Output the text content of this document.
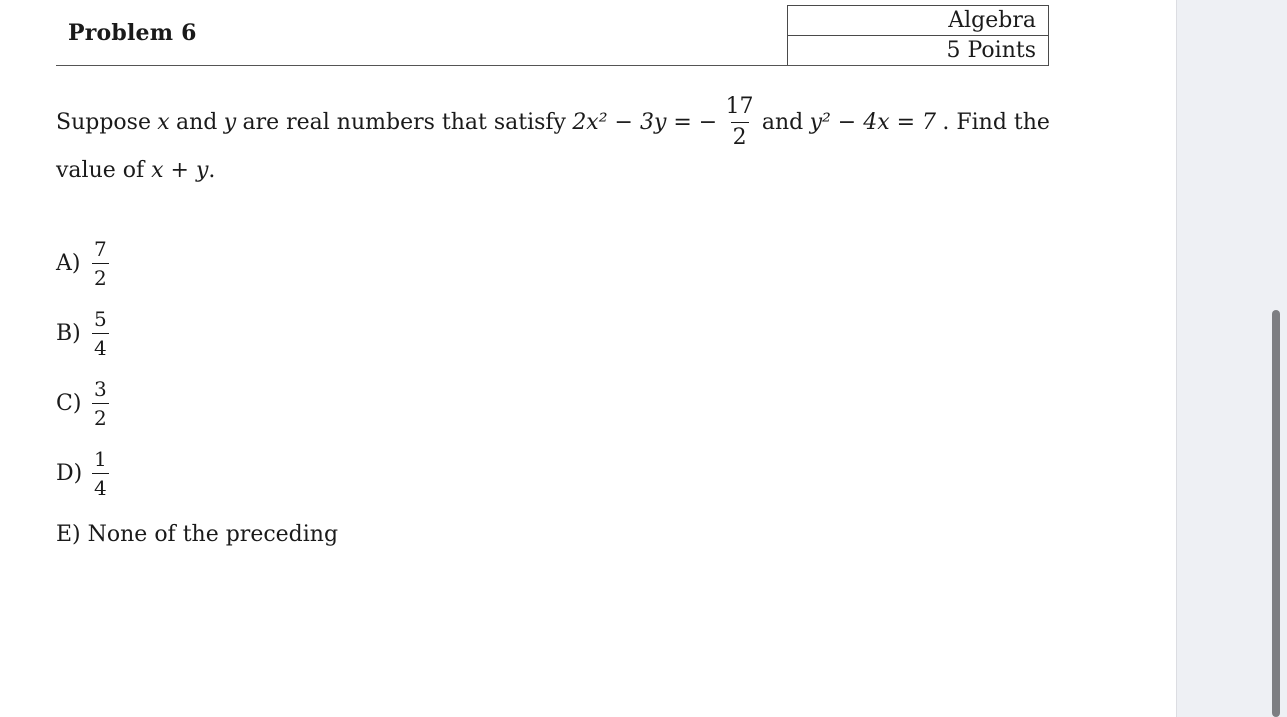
Problem 6	Algebra
5 Points
Suppose x and y are real numbers that satisfy 2x² − 3y = − $\frac{17}{2}$ and y² − 4x = 7 . Find the
value of x + y.
$A) \frac{7}{2}$
$B) \frac{5}{4}$
$C) \frac{3}{2}$
$D) \frac{1}{4}$
E) None of the preceding
